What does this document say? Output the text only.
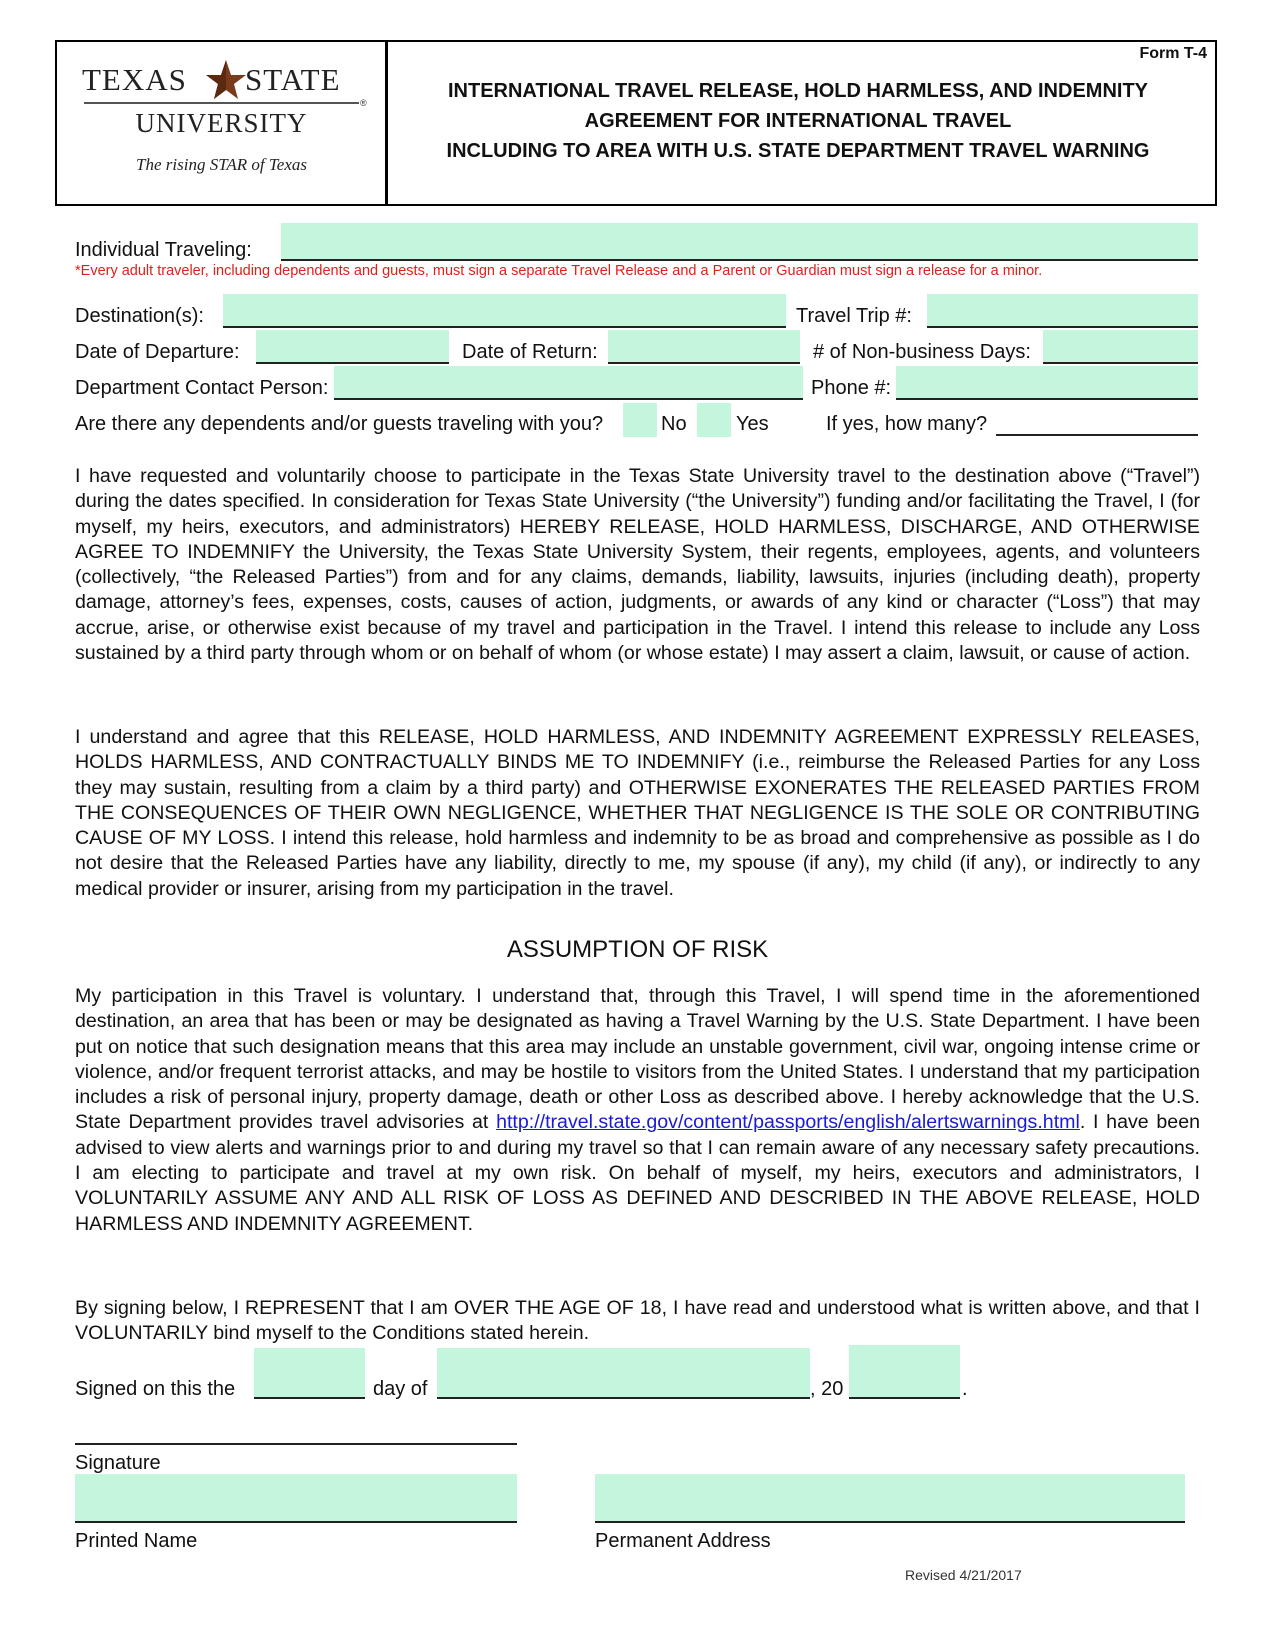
TEXAS STATE
®
UNIVERSITY
The rising STAR of Texas
Form T-4
INTERNATIONAL TRAVEL RELEASE, HOLD HARMLESS, AND INDEMNITY
AGREEMENT FOR INTERNATIONAL TRAVEL
INCLUDING TO AREA WITH U.S. STATE DEPARTMENT TRAVEL WARNING
Individual Traveling:
*Every adult traveler, including dependents and guests, must sign a separate Travel Release and a Parent or Guardian must sign a release for a minor.
Destination(s):	Travel Trip #:
Date of Departure:	Date of Return:	# of Non-business Days:
Department Contact Person:	Phone #:
Are there any dependents and/or guests traveling with you?	No Yes	If yes, how many?
I have requested and voluntarily choose to participate in the Texas State University travel to the destination above (“Travel”) during the dates specified. In consideration for Texas State University (“the University”) funding and/or facilitating the Travel, I (for myself, my heirs, executors, and administrators) HEREBY RELEASE, HOLD HARMLESS, DISCHARGE, AND OTHERWISE AGREE TO INDEMNIFY the University, the Texas State University System, their regents, employees, agents, and volunteers (collectively, “the Released Parties”) from and for any claims, demands, liability, lawsuits, injuries (including death), property damage, attorney’s fees, expenses, costs, causes of action, judgments, or awards of any kind or character (“Loss”) that may accrue, arise, or otherwise exist because of my travel and participation in the Travel. I intend this release to include any Loss sustained by a third party through whom or on behalf of whom (or whose estate) I may assert a claim, lawsuit, or cause of action.
I understand and agree that this RELEASE, HOLD HARMLESS, AND INDEMNITY AGREEMENT EXPRESSLY RELEASES, HOLDS HARMLESS, AND CONTRACTUALLY BINDS ME TO INDEMNIFY (i.e., reimburse the Released Parties for any Loss they may sustain, resulting from a claim by a third party) and OTHERWISE EXONERATES THE RELEASED PARTIES FROM THE CONSEQUENCES OF THEIR OWN NEGLIGENCE, WHETHER THAT NEGLIGENCE IS THE SOLE OR CONTRIBUTING CAUSE OF MY LOSS. I intend this release, hold harmless and indemnity to be as broad and comprehensive as possible as I do not desire that the Released Parties have any liability, directly to me, my spouse (if any), my child (if any), or indirectly to any medical provider or insurer, arising from my participation in the travel.
ASSUMPTION OF RISK
My participation in this Travel is voluntary. I understand that, through this Travel, I will spend time in the aforementioned destination, an area that has been or may be designated as having a Travel Warning by the U.S. State Department. I have been put on notice that such designation means that this area may include an unstable government, civil war, ongoing intense crime or violence, and/or frequent terrorist attacks, and may be hostile to visitors from the United States. I understand that my participation includes a risk of personal injury, property damage, death or other Loss as described above. I hereby acknowledge that the U.S. State Department provides travel advisories at http://travel.state.gov/content/passports/english/alertswarnings.html. I have been advised to view alerts and warnings prior to and during my travel so that I can remain aware of any necessary safety precautions. I am electing to participate and travel at my own risk. On behalf of myself, my heirs, executors and administrators, I VOLUNTARILY ASSUME ANY AND ALL RISK OF LOSS AS DEFINED AND DESCRIBED IN THE ABOVE RELEASE, HOLD HARMLESS AND INDEMNITY AGREEMENT.
By signing below, I REPRESENT that I am OVER THE AGE OF 18, I have read and understood what is written above, and that I VOLUNTARILY bind myself to the Conditions stated herein.
Signed on this the	day of	, 20	.
Signature
Printed Name	Permanent Address
Revised 4/21/2017
